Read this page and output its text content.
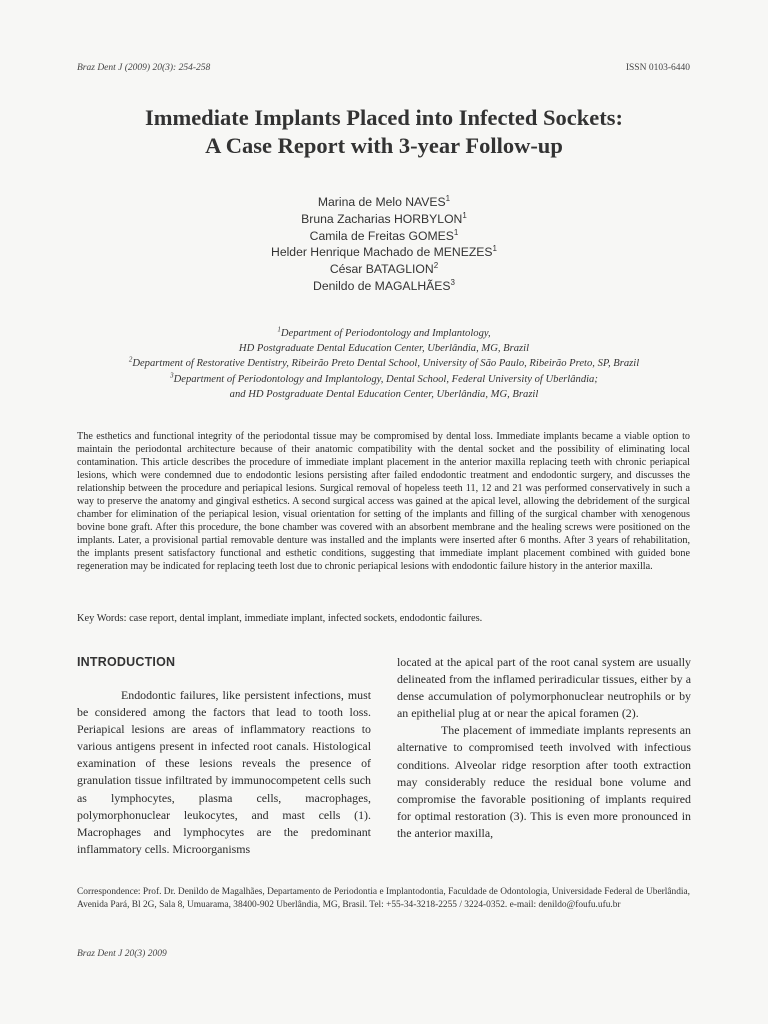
Braz Dent J (2009) 20(3): 254-258	ISSN 0103-6440
Immediate Implants Placed into Infected Sockets:
A Case Report with 3-year Follow-up
Marina de Melo NAVES$^1$
Bruna Zacharias HORBYLON$^1$
Camila de Freitas GOMES$^1$
Helder Henrique Machado de MENEZES$^1$
César BATAGLION$^2$
Denildo de MAGALHÃES$^3$
$^1$Department of Periodontology and Implantology,
HD Postgraduate Dental Education Center, Uberlândia, MG, Brazil
$^2$Department of Restorative Dentistry, Ribeirão Preto Dental School, University of São Paulo, Ribeirão Preto, SP, Brazil
$^3$Department of Periodontology and Implantology, Dental School, Federal University of Uberlândia;
and HD Postgraduate Dental Education Center, Uberlândia, MG, Brazil
The esthetics and functional integrity of the periodontal tissue may be compromised by dental loss. Immediate implants became a viable option to maintain the periodontal architecture because of their anatomic compatibility with the dental socket and the possibility of eliminating local contamination. This article describes the procedure of immediate implant placement in the anterior maxilla replacing teeth with chronic periapical lesions, which were condemned due to endodontic lesions persisting after failed endodontic treatment and endodontic surgery, and discusses the relationship between the procedure and periapical lesions. Surgical removal of hopeless teeth 11, 12 and 21 was performed conservatively in such a way to preserve the anatomy and gingival esthetics. A second surgical access was gained at the apical level, allowing the debridement of the surgical chamber for elimination of the periapical lesion, visual orientation for setting of the implants and filling of the surgical chamber with xenogenous bovine bone graft. After this procedure, the bone chamber was covered with an absorbent membrane and the healing screws were positioned on the implants. Later, a provisional partial removable denture was installed and the implants were inserted after 6 months. After 3 years of rehabilitation, the implants present satisfactory functional and esthetic conditions, suggesting that immediate implant placement combined with guided bone regeneration may be indicated for replacing teeth lost due to chronic periapical lesions with endodontic failure history in the anterior maxilla.
Key Words: case report, dental implant, immediate implant, infected sockets, endodontic failures.
INTRODUCTION

Endodontic failures, like persistent infections, must be considered among the factors that lead to tooth loss. Periapical lesions are areas of inflammatory reactions to various antigens present in infected root canals. Histological examination of these lesions reveals the presence of granulation tissue infiltrated by immunocompetent cells such as lymphocytes, plasma cells, macrophages, polymorphonuclear leukocytes, and mast cells (1). Macrophages and lymphocytes are the predominant inflammatory cells. Microorganisms

located at the apical part of the root canal system are usually delineated from the inflamed periradicular tissues, either by a dense accumulation of polymorphonuclear neutrophils or by an epithelial plug at or near the apical foramen (2).

The placement of immediate implants represents an alternative to compromised teeth involved with infectious conditions. Alveolar ridge resorption after tooth extraction may considerably reduce the residual bone volume and compromise the favorable positioning of implants required for optimal restoration (3). This is even more pronounced in the anterior maxilla,

Correspondence: Prof. Dr. Denildo de Magalhães, Departamento de Periodontia e Implantodontia, Faculdade de Odontologia, Universidade Federal de Uberlândia, Avenida Pará, Bl 2G, Sala 8, Umuarama, 38400-902 Uberlândia, MG, Brasil. Tel: +55-34-3218-2255 / 3224-0352. e-mail: denildo@foufu.ufu.br
Braz Dent J 20(3) 2009
